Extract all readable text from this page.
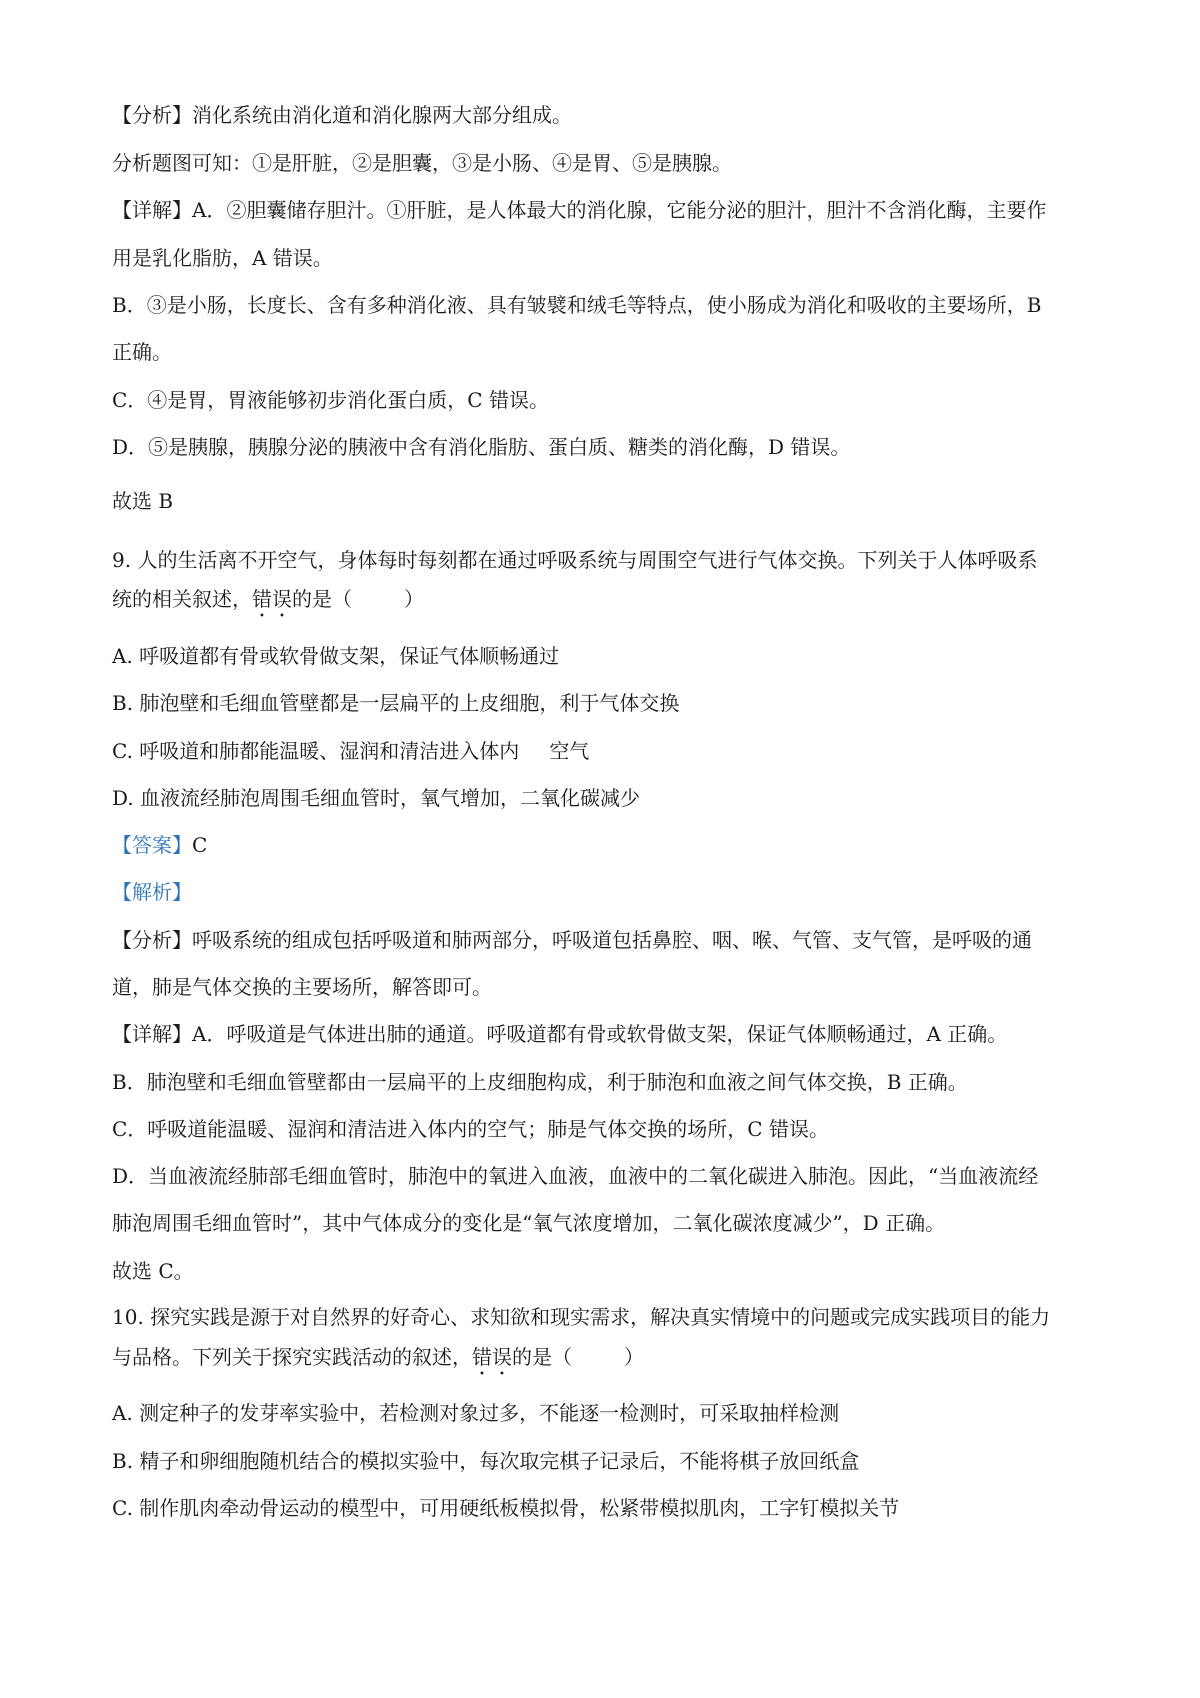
【分析】消化系统由消化道和消化腺两大部分组成。
分析题图可知：①是肝脏，②是胆囊，③是小肠、④是胃、⑤是胰腺。
【详解】A．②胆囊储存胆汁。①肝脏，是人体最大的消化腺，它能分泌的胆汁，胆汁不含消化酶，主要作
用是乳化脂肪，A 错误。
B．③是小肠，长度长、含有多种消化液、具有皱襞和绒毛等特点，使小肠成为消化和吸收的主要场所，B
正确。
C．④是胃，胃液能够初步消化蛋白质，C 错误。
D．⑤是胰腺，胰腺分泌的胰液中含有消化脂肪、蛋白质、糖类的消化酶，D 错误。
故选 B
9. 人的生活离不开空气，身体每时每刻都在通过呼吸系统与周围空气进行气体交换。下列关于人体呼吸系
统的相关叙述，错误的是（	）
A. 呼吸道都有骨或软骨做支架，保证气体顺畅通过
B. 肺泡壁和毛细血管壁都是一层扁平的上皮细胞，利于气体交换
C. 呼吸道和肺都能温暖、湿润和清洁进入体内 空气
D. 血液流经肺泡周围毛细血管时，氧气增加，二氧化碳减少
【答案】C
【解析】
【分析】呼吸系统的组成包括呼吸道和肺两部分，呼吸道包括鼻腔、咽、喉、气管、支气管，是呼吸的通
道，肺是气体交换的主要场所，解答即可。
【详解】A．呼吸道是气体进出肺的通道。呼吸道都有骨或软骨做支架，保证气体顺畅通过，A 正确。
B．肺泡壁和毛细血管壁都由一层扁平的上皮细胞构成，利于肺泡和血液之间气体交换，B 正确。
C．呼吸道能温暖、湿润和清洁进入体内的空气；肺是气体交换的场所，C 错误。
D．当血液流经肺部毛细血管时，肺泡中的氧进入血液，血液中的二氧化碳进入肺泡。因此，“当血液流经
肺泡周围毛细血管时”，其中气体成分的变化是“氧气浓度增加，二氧化碳浓度减少”，D 正确。
故选 C。
10. 探究实践是源于对自然界的好奇心、求知欲和现实需求，解决真实情境中的问题或完成实践项目的能力
与品格。下列关于探究实践活动的叙述，错误的是（	）
A. 测定种子的发芽率实验中，若检测对象过多，不能逐一检测时，可采取抽样检测
B. 精子和卵细胞随机结合的模拟实验中，每次取完棋子记录后，不能将棋子放回纸盒
C. 制作肌肉牵动骨运动的模型中，可用硬纸板模拟骨，松紧带模拟肌肉，工字钉模拟关节
